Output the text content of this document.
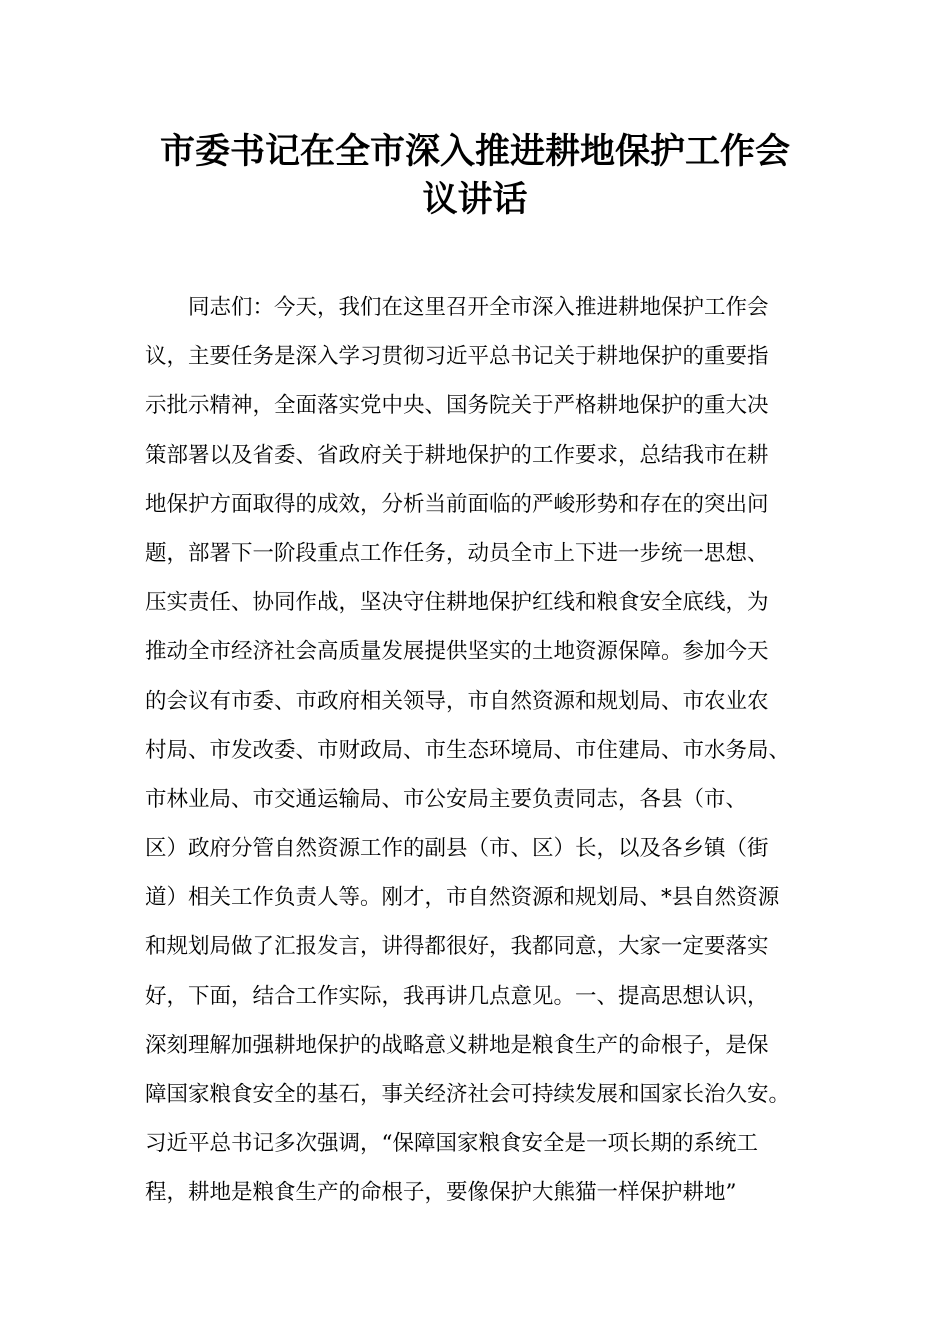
市委书记在全市深入推进耕地保护工作会
议讲话
　　同志们：今天，我们在这里召开全市深入推进耕地保护工作会
议，主要任务是深入学习贯彻习近平总书记关于耕地保护的重要指
示批示精神，全面落实党中央、国务院关于严格耕地保护的重大决
策部署以及省委、省政府关于耕地保护的工作要求，总结我市在耕
地保护方面取得的成效，分析当前面临的严峻形势和存在的突出问
题，部署下一阶段重点工作任务，动员全市上下进一步统一思想、
压实责任、协同作战，坚决守住耕地保护红线和粮食安全底线，为
推动全市经济社会高质量发展提供坚实的土地资源保障。参加今天
的会议有市委、市政府相关领导，市自然资源和规划局、市农业农
村局、市发改委、市财政局、市生态环境局、市住建局、市水务局、
市林业局、市交通运输局、市公安局主要负责同志，各县（市、
区）政府分管自然资源工作的副县（市、区）长，以及各乡镇（街
道）相关工作负责人等。刚才，市自然资源和规划局、*县自然资源
和规划局做了汇报发言，讲得都很好，我都同意，大家一定要落实
好，下面，结合工作实际，我再讲几点意见。一、提高思想认识，
深刻理解加强耕地保护的战略意义耕地是粮食生产的命根子，是保
障国家粮食安全的基石，事关经济社会可持续发展和国家长治久安。
习近平总书记多次强调，“保障国家粮食安全是一项长期的系统工
程，耕地是粮食生产的命根子，要像保护大熊猫一样保护耕地”
